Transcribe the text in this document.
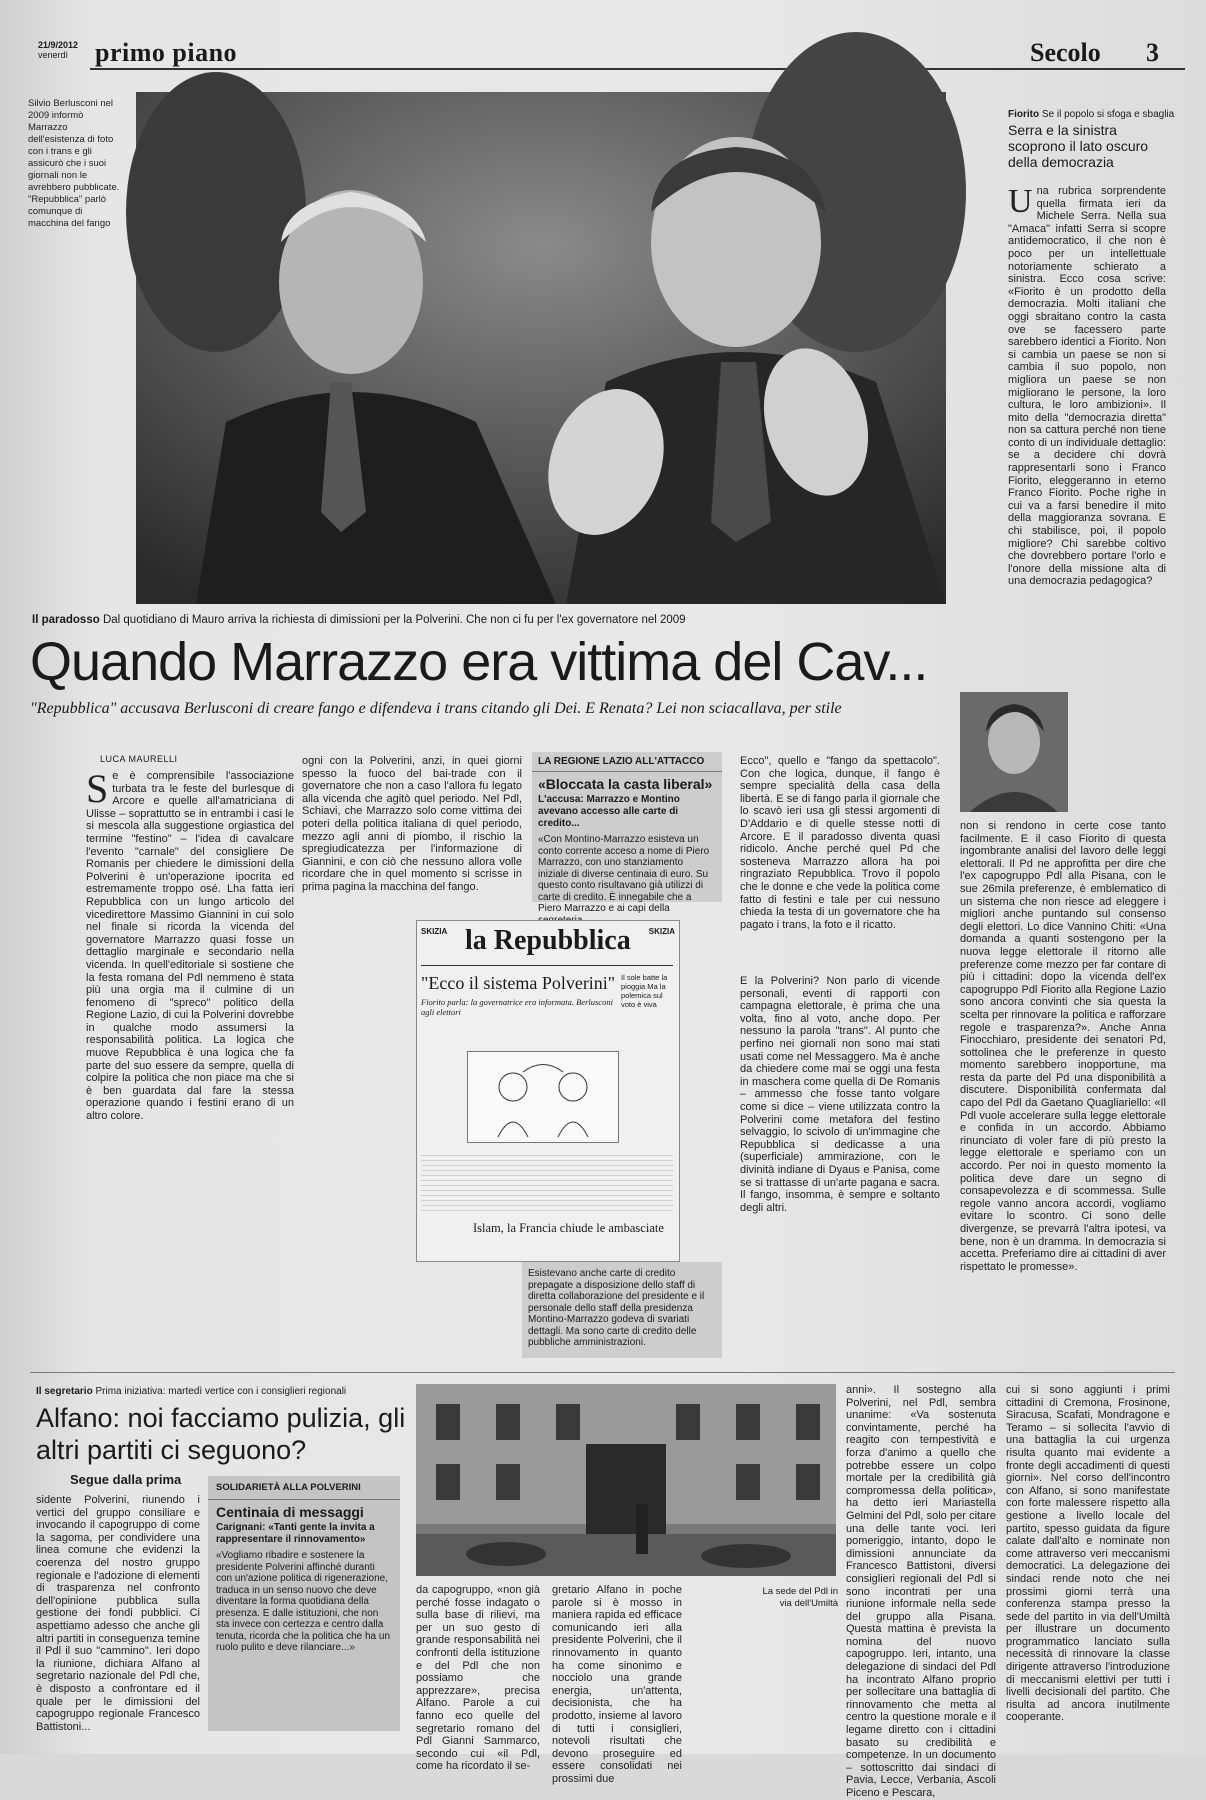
21/9/2012
venerdì	primo piano	Secolo 3
Silvio Berlusconi nel 2009 informò Marrazzo dell'esistenza di foto con i trans e gli assicurò che i suoi giornali non le avrebbero pubblicate. "Repubblica" parlò comunque di macchina del fango
Il paradosso Dal quotidiano di Mauro arriva la richiesta di dimissioni per la Polverini. Che non ci fu per l'ex governatore nel 2009
Quando Marrazzo era vittima del Cav...
"Repubblica" accusava Berlusconi di creare fango e difendeva i trans citando gli Dei. E Renata? Lei non sciacallava, per stile
LUCA MAURELLI
S e è comprensibile l'associazione turbata tra le feste del burlesque di Arcore e quelle all'amatriciana di Ulisse – soprattutto se in entrambi i casi le si mescola alla suggestione orgiastica del termine "festino" – l'idea di cavalcare l'evento "carnale" del consigliere De Romanis per chiedere le dimissioni della Polverini è un'operazione ipocrita ed estremamente troppo osé. Lha fatta ieri Repubblica con un lungo articolo del vicedirettore Massimo Giannini in cui solo nel finale si ricorda la vicenda del governatore Marrazzo quasi fosse un dettaglio marginale e secondario nella vicenda. In quell'editoriale si sostiene che la festa romana del Pdl nemmeno è stata più una orgia ma il culmine di un fenomeno di "spreco" politico della Regione Lazio, di cui la Polverini dovrebbe in qualche modo assumersi la responsabilità politica. La logica che muove Repubblica è una logica che fa parte del suo essere da sempre, quella di colpire la politica che non piace ma che si è ben guardata dal fare la stessa operazione quando i festini erano di un altro colore.
ogni con la Polverini, anzi, in quei giorni spesso la fuoco del bai-trade con il governatore che non a caso l'allora fu legato alla vicenda che agitò quel periodo. Nel Pdl, Schiavi, che Marrazzo solo come vittima dei poteri della politica italiana di quel periodo, mezzo agli anni di piombo, il rischio la spregiudicatezza per l'informazione di Giannini, e con ciò che nessuno allora volle ricordare che in quel momento si scrisse in prima pagina la macchina del fango.
LA REGIONE LAZIO ALL'ATTACCO
«Bloccata la casta liberal»
L'accusa: Marrazzo e Montino avevano accesso alle carte di credito...
«Con Montino-Marrazzo esisteva un conto corrente acceso a nome di Piero Marrazzo, con uno stanziamento iniziale di diverse centinaia di euro. Su questo conto risultavano già utilizzi di carte di credito. È innegabile che a Piero Marrazzo e ai capi della
SKIZIA	SKIZIA
la Repubblica
"Ecco il sistema Polverini"
Fiorito parla: la governatrice era informata. Berlusconi agli elettori
Il sole batte la pioggia Ma la polemica sul voto è viva
Islam, la Francia chiude le ambasciate
Esistevano anche carte di credito prepagate a disposizione dello staff di diretta collaborazione del presidente e il personale dello staff della presidenza Montino-Marrazzo godeva di svariati dettagli. Ma sono carte di credito delle pubbliche amministrazioni.
Ecco", quello e "fango da spettacolo". Con che logica, dunque, il fango è sempre specialità della casa della libertà. E se di fango parla il giornale che lo scavò ieri usa gli stessi argomenti di D'Addario e di quelle stesse notti di Arcore. E il paradosso diventa quasi ridicolo. Anche perché quel Pd che sosteneva Marrazzo allora ha poi ringraziato Repubblica. Trovo il popolo che le donne e che vede la politica come fatto di festini e tale per cui nessuno chieda la testa di un governatore che ha pagato i trans, la foto e il ricatto.
E la Polverini? Non parlo di vicende personali, eventi di rapporti con campagna elettorale, è prima che una volta, fino al voto, anche dopo. Per nessuno la parola "trans". Al punto che perfino nei giornali non sono mai stati usati come nel Messaggero. Ma è anche da chiedere come mai se oggi una festa in maschera come quella di De Romanis – ammesso che fosse tanto volgare come si dice – viene utilizzata contro la Polverini come metafora del festino selvaggio, lo scivolo di un'immagine che Repubblica si dedicasse a una (superficiale) ammirazione, con le divinità indiane di Dyaus e Panisa, come se si trattasse di un'arte pagana e sacra. Il fango, insomma, è sempre e soltanto degli altri.
Fiorito Se il popolo si sfoga e sbaglia
Serra e la sinistra scoprono il lato oscuro della democrazia
U na rubrica sorprendente quella firmata ieri da Michele Serra. Nella sua "Amaca" infatti Serra si scopre antidemocratico, il che non è poco per un intellettuale notoriamente schierato a sinistra. Ecco cosa scrive: «Fiorito è un prodotto della democrazia. Molti italiani che oggi sbraitano contro la casta ove se facessero parte sarebbero identici a Fiorito. Non si cambia un paese se non si cambia il suo popolo, non migliora un paese se non migliorano le persone, la loro cultura, le loro ambizioni». Il mito della "democrazia diretta" non sa cattura perché non tiene conto di un individuale dettaglio: se a decidere chi dovrà rappresentarli sono i Franco Fiorito, eleggeranno in eterno Franco Fiorito. Poche righe in cui va a farsi benedire il mito della maggioranza sovrana. E chi stabilisce, poi, il popolo migliore? Chi sarebbe coltivo che dovrebbero portare l'orlo e l'onore della missione alta di una democrazia pedagogica?
non si rendono in certe cose tanto facilmente. E il caso Fiorito di questa ingombrante analisi del lavoro delle leggi elettorali. Il Pd ne approfitta per dire che l'ex capogruppo Pdl alla Pisana, con le sue 26mila preferenze, è emblematico di un sistema che non riesce ad eleggere i migliori anche puntando sul consenso degli elettori. Lo dice Vannino Chiti: «Una domanda a quanti sostengono per la nuova legge elettorale il ritorno alle preferenze come mezzo per far contare di più i cittadini: dopo la vicenda dell'ex capogruppo Pdl Fiorito alla Regione Lazio sono ancora convinti che sia questa la scelta per rinnovare la politica e rafforzare regole e trasparenza?». Anche Anna Finocchiaro, presidente dei senatori Pd, sottolinea che le preferenze in questo momento sarebbero inopportune, ma resta da parte del Pd una disponibilità a discutere. Disponibilità confermata dal capo del Pdl da Gaetano Quagliariello: «Il Pdl vuole accelerare sulla legge elettorale e confida in un accordo. Abbiamo rinunciato di voler fare di più presto la legge elettorale e speriamo con un accordo. Per noi in questo momento la politica deve dare un segno di consapevolezza e di scommessa. Sulle regole vanno ancora accordi, vogliamo evitare lo scontro. Ci sono delle divergenze, se prevarrà l'altra ipotesi, va bene, non è un dramma. In democrazia si accetta. Preferiamo dire ai cittadini di aver rispettato le promesse».
Il segretario Prima iniziativa: martedì vertice con i consiglieri regionali
Alfano: noi facciamo pulizia, gli altri partiti ci seguono?
Segue dalla prima
sidente Polverini, riunendo i vertici del gruppo consiliare e invocando il capogruppo di come la sagoma, per condividere una linea comune che evidenzi la coerenza del nostro gruppo regionale e l'adozione di elementi di trasparenza nel confronto dell'opinione pubblica sulla gestione dei fondi pubblici. Ci aspettiamo adesso che anche gli altri partiti in conseguenza temine il Pdl il suo "cammino". Ieri dopo la riunione, dichiara Alfano al segretario nazionale del Pdl che, è disposto a confrontare ed il quale per le dimissioni del capogruppo regionale Francesco Battistoni...
SOLIDARIETÀ ALLA POLVERINI
Centinaia di messaggi
Carignani: «Tanti gente la invita a rappresentare il rinnovamento»
«Vogliamo ribadire e sostenere la presidente Polverini affinché duranti con un'azione politica di rigenerazione, traduca in un senso nuovo che deve diventare la forma quotidiana della presenza. E dalle istituzioni, che non sta invece con certezza e centro dalla tenuta, ricorda che la politica che ha un ruolo pulito e deve rilanciare...»
La sede del Pdl in via dell'Umiltà
da capogruppo, «non già perché fosse indagato o sulla base di rilievi, ma per un suo gesto di grande responsabilità nei confronti della istituzione e del Pdl che non possiamo che apprezzare», precisa Alfano. Parole a cui fanno eco quelle del segretario romano del Pdl Gianni Sammarco, secondo cui «il Pdl, come ha ricordato il se-
gretario Alfano in poche parole si è mosso in maniera rapida ed efficace comunicando ieri alla presidente Polverini, che il rinnovamento in quanto ha come sinonimo e nocciolo una grande energia, un'attenta, decisionista, che ha prodotto, insieme al lavoro di tutti i consiglieri, notevoli risultati che devono proseguire ed essere consolidati nei prossimi due
anni». Il sostegno alla Polverini, nel Pdl, sembra unanime: «Va sostenuta convintamente, perché ha reagito con tempestività e forza d'animo a quello che potrebbe essere un colpo mortale per la credibilità già compromessa della politica», ha detto ieri Mariastella Gelmini del Pdl, solo per citare una delle tante voci. Ieri pomeriggio, intanto, dopo le dimissioni annunciate da Francesco Battistoni, diversi consiglieri regionali del Pdl si sono incontrati per una riunione informale nella sede del gruppo alla Pisana. Questa mattina è prevista la nomina del nuovo capogruppo. Ieri, intanto, una delegazione di sindaci del Pdl ha incontrato Alfano proprio per sollecitare una battaglia di rinnovamento che metta al centro la questione morale e il legame diretto con i cittadini basato su credibilità e competenze. In un documento – sottoscritto dai sindaci di Pavia, Lecce, Verbania, Ascoli Piceno e Pescara,
cui si sono aggiunti i primi cittadini di Cremona, Frosinone, Siracusa, Scafati, Mondragone e Teramo – si sollecita l'avvio di una battaglia la cui urgenza risulta quanto mai evidente a fronte degli accadimenti di questi giorni». Nel corso dell'incontro con Alfano, si sono manifestate con forte malessere rispetto alla gestione a livello locale del partito, spesso guidata da figure calate dall'alto e nominate non come attraverso veri meccanismi democratici. La delegazione dei sindaci rende noto che nei prossimi giorni terrà una conferenza stampa presso la sede del partito in via dell'Umiltà per illustrare un documento programmatico lanciato sulla necessità di rinnovare la classe dirigente attraverso l'introduzione di meccanismi elettivi per tutti i livelli decisionali del partito. Che risulta ad ancora inutilmente cooperante.
